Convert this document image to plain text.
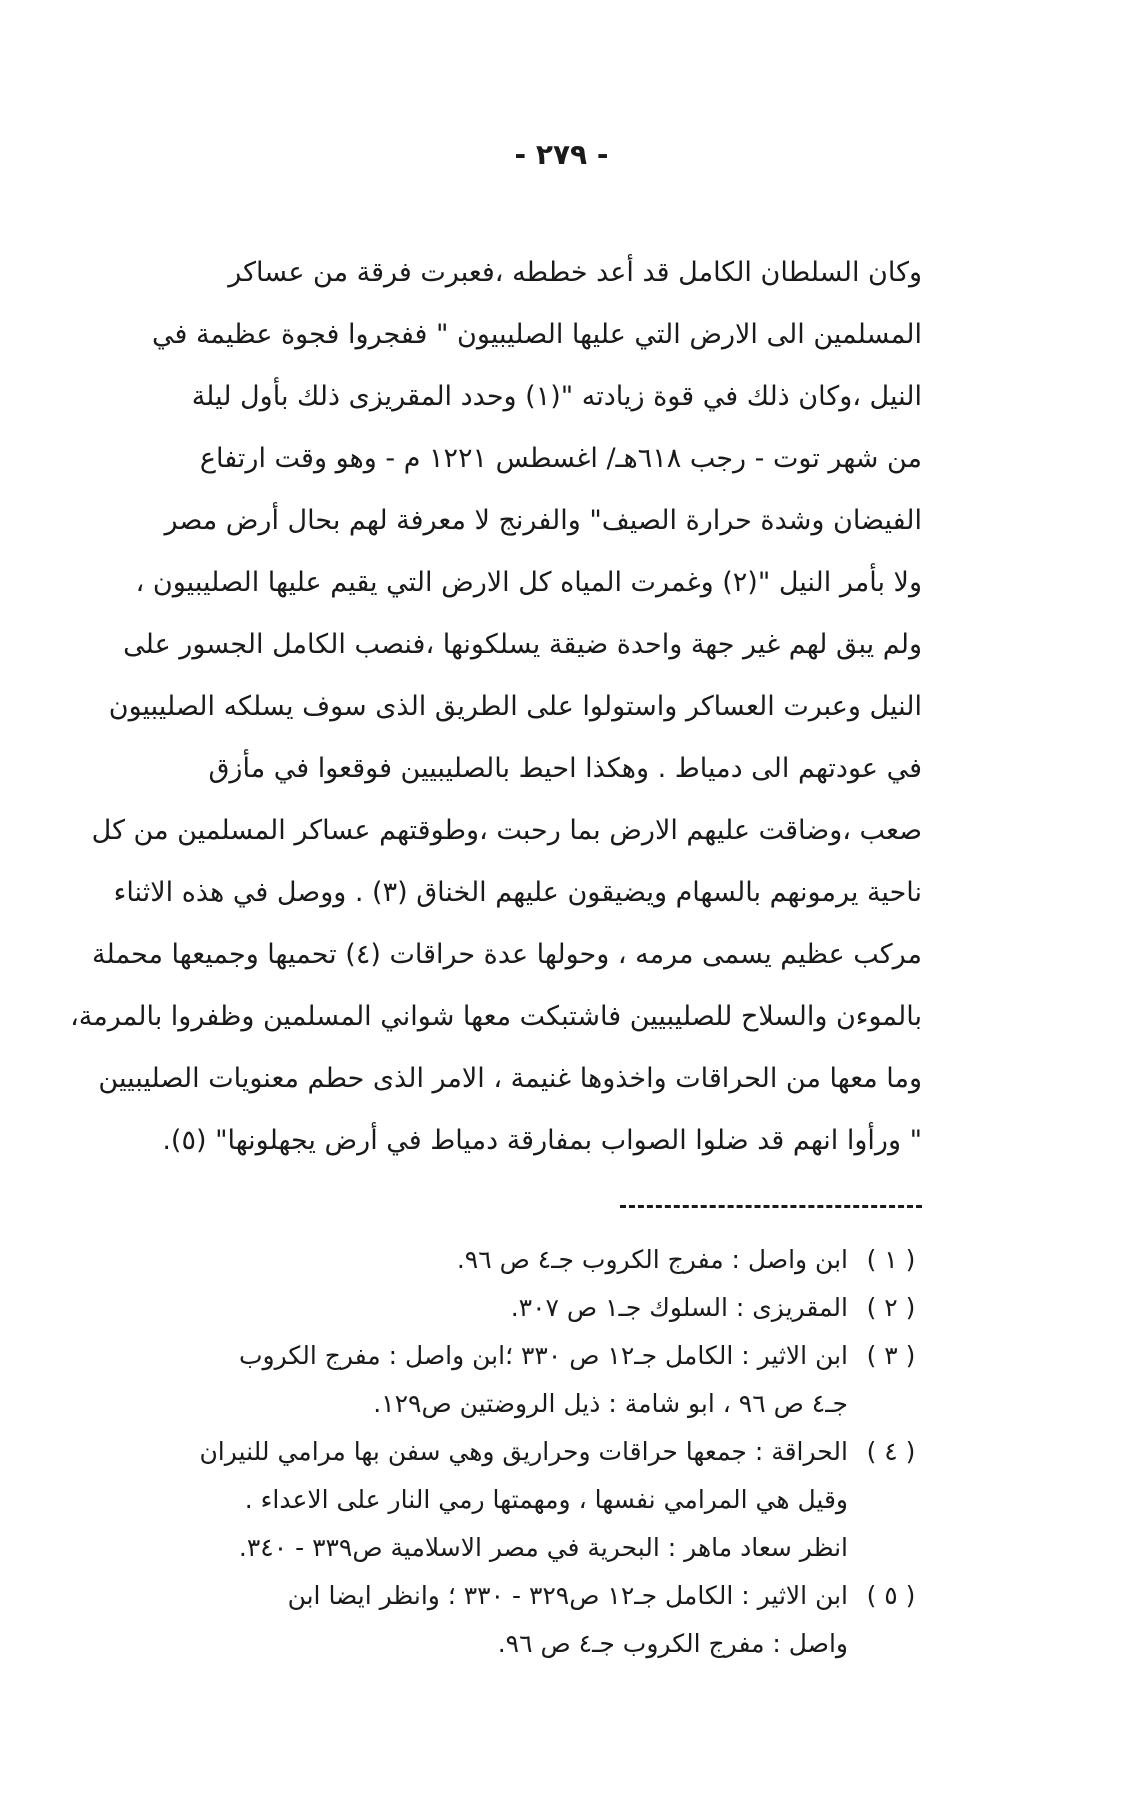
- ٢٧٩ -
وكان السلطان الكامل قد أعد خططه ،فعبرت فرقة من عساكر
المسلمين الى الارض التي عليها الصليبيون " ففجروا فجوة عظيمة في
النيل ،وكان ذلك في قوة زيادته "(١) وحدد المقريزى ذلك بأول ليلة
من شهر توت - رجب ٦١٨هـ/ اغسطس ١٢٢١ م - وهو وقت ارتفاع
الفيضان وشدة حرارة الصيف" والفرنج لا معرفة لهم بحال أرض مصر
ولا بأمر النيل "(٢) وغمرت المياه كل الارض التي يقيم عليها الصليبيون ،
ولم يبق لهم غير جهة واحدة ضيقة يسلكونها ،فنصب الكامل الجسور على
النيل وعبرت العساكر واستولوا على الطريق الذى سوف يسلكه الصليبيون
في عودتهم الى دمياط . وهكذا احيط بالصليبيين فوقعوا في مأزق
صعب ،وضاقت عليهم الارض بما رحبت ،وطوقتهم عساكر المسلمين من كل
ناحية يرمونهم بالسهام ويضيقون عليهم الخناق (٣) . ووصل في هذه الاثناء
مركب عظيم يسمى مرمه ، وحولها عدة حراقات (٤) تحميها وجميعها محملة
بالموءن والسلاح للصليبيين فاشتبكت معها شواني المسلمين وظفروا بالمرمة،
وما معها من الحراقات واخذوها غنيمة ، الامر الذى حطم معنويات الصليبيين
" ورأوا انهم قد ضلوا الصواب بمفارقة دمياط في أرض يجهلونها" (٥).
( ١ )
ابن واصل : مفرج الكروب جـ٤ ص ٩٦.
( ٢ )
المقريزى : السلوك جـ١ ص ٣٠٧.
( ٣ )
ابن الاثير : الكامل جـ١٢ ص ٣٣٠ ؛ابن واصل : مفرج الكروب
جـ٤ ص ٩٦ ، ابو شامة : ذيل الروضتين ص١٢٩.
( ٤ )
الحراقة : جمعها حراقات وحراريق وهي سفن بها مرامي للنيران
وقيل هي المرامي نفسها ، ومهمتها رمي النار على الاعداء .
انظر سعاد ماهر : البحرية في مصر الاسلامية ص٣٣٩ - ٣٤٠.
( ٥ )
ابن الاثير : الكامل جـ١٢ ص٣٢٩ - ٣٣٠ ؛ وانظر ايضا ابن
واصل : مفرج الكروب جـ٤ ص ٩٦.
